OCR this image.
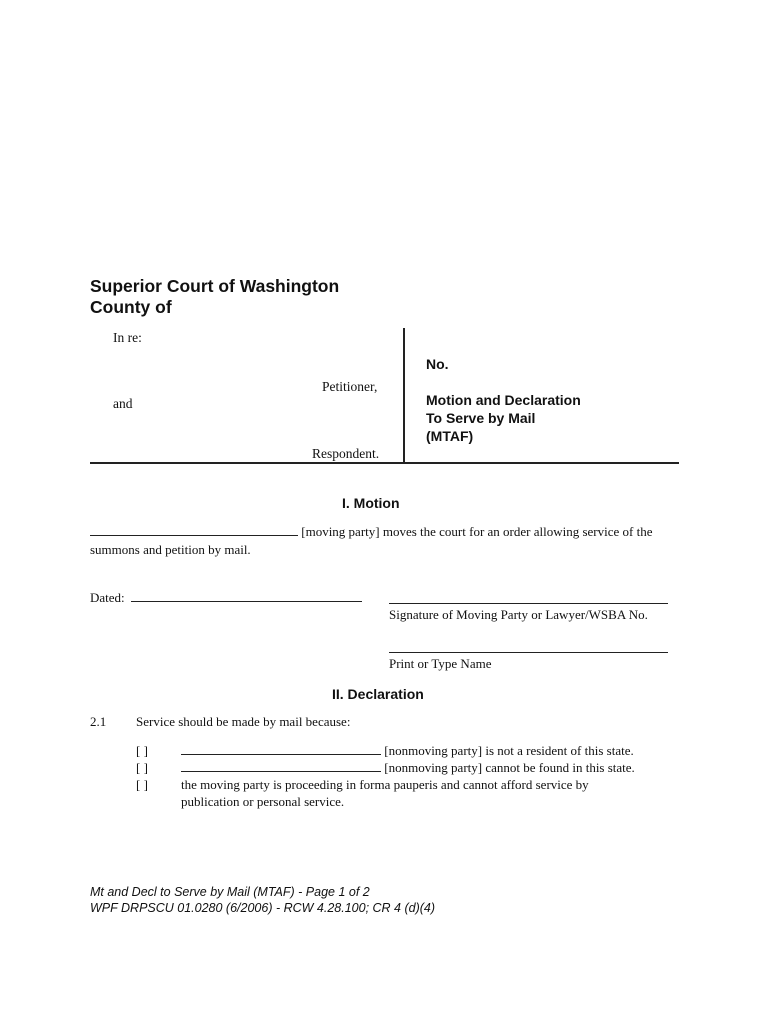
Superior Court of Washington
County of
In re:
Petitioner,
and
Respondent.
No.
Motion and Declaration
To Serve by Mail
(MTAF)
I. Motion
[moving party] moves the court for an order allowing service of the
summons and petition by mail.
Dated:
Signature of Moving Party or Lawyer/WSBA No.
Print or Type Name
II. Declaration
2.1 Service should be made by mail because:
[ ]	[nonmoving party] is not a resident of this state.
[ ]	[nonmoving party] cannot be found in this state.
[ ]	the moving party is proceeding in forma pauperis and cannot afford service by
publication or personal service.
Mt and Decl to Serve by Mail (MTAF) - Page 1 of 2
WPF DRPSCU 01.0280 (6/2006) - RCW 4.28.100; CR 4 (d)(4)
